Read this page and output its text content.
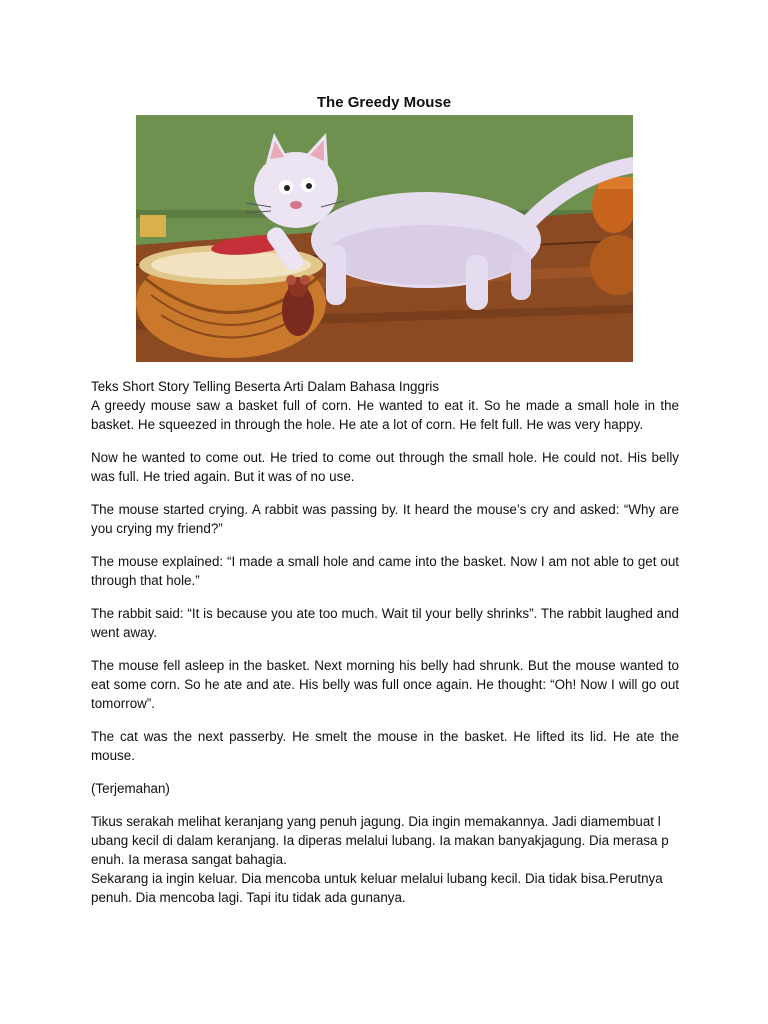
The Greedy Mouse

Teks Short Story Telling Beserta Arti Dalam Bahasa Inggris

A greedy mouse saw a basket full of corn. He wanted to eat it. So he made a small hole in the basket. He squeezed in through the hole. He ate a lot of corn. He felt full. He was very happy.

Now he wanted to come out. He tried to come out through the small hole. He could not. His belly was full. He tried again. But it was of no use.

The mouse started crying. A rabbit was passing by. It heard the mouse’s cry and asked: “Why are you crying my friend?”

The mouse explained: “I made a small hole and came into the basket. Now I am not able to get out through that hole.”

The rabbit said: “It is because you ate too much. Wait til your belly shrinks”. The rabbit laughed and went away.

The mouse fell asleep in the basket. Next morning his belly had shrunk. But the mouse wanted to eat some corn. So he ate and ate. His belly was full once again. He thought: “Oh! Now I will go out tomorrow”.

The cat was the next passerby. He smelt the mouse in the basket. He lifted its lid. He ate the mouse.

(Terjemahan)

Tikus serakah melihat keranjang yang penuh jagung. Dia ingin memakannya. Jadi diamembuat l
ubang kecil di dalam keranjang. Ia diperas melalui lubang. Ia makan banyakjagung. Dia merasa p
enuh. Ia merasa sangat bahagia.
Sekarang ia ingin keluar. Dia mencoba untuk keluar melalui lubang kecil. Dia tidak bisa.Perutnya
penuh. Dia mencoba lagi. Tapi itu tidak ada gunanya.
